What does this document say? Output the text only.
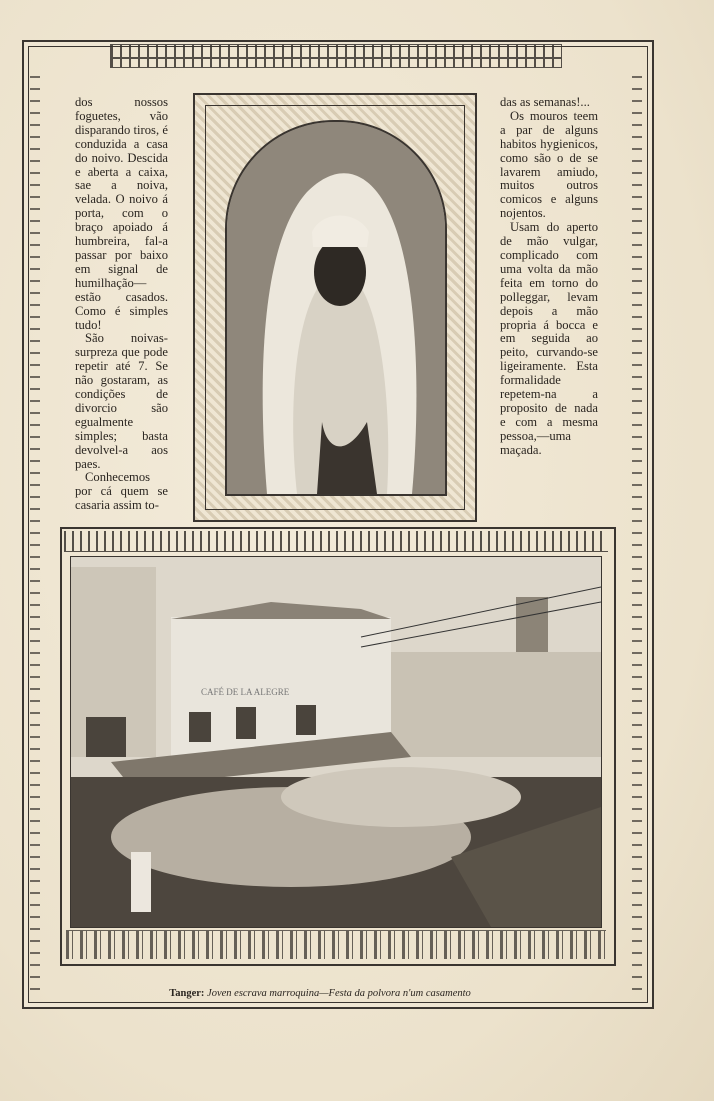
dos nossos foguetes, vão disparando tiros, é conduzida a casa do noivo. Descida e aberta a caixa, sae a noiva, velada. O noivo á porta, com o braço apoiado á humbreira, fal-a passar por baixo em signal de humilhação—estão casados. Como é simples tudo!

São noivas-surpreza que pode repetir até 7. Se não gostaram, as condições de divorcio são egualmente simples; basta devolvel-a aos paes.

Conhecemos por cá quem se casaria assim to-

das as semanas!...

Os mouros teem a par de alguns habitos hygienicos, como são o de se lavarem amiudo, muitos outros comicos e alguns nojentos.

Usam do aperto de mão vulgar, complicado com uma volta da mão feita em torno do polleggar, levam depois a mão propria á bocca e em seguida ao peito, curvando-se ligeiramente. Esta formalidade repetem-na a proposito de nada e com a mesma pessoa,—uma maçada.

CAFÉ DE LA ALEGRE
Tanger: Joven escrava marroquina—Festa da polvora n'um casamento
